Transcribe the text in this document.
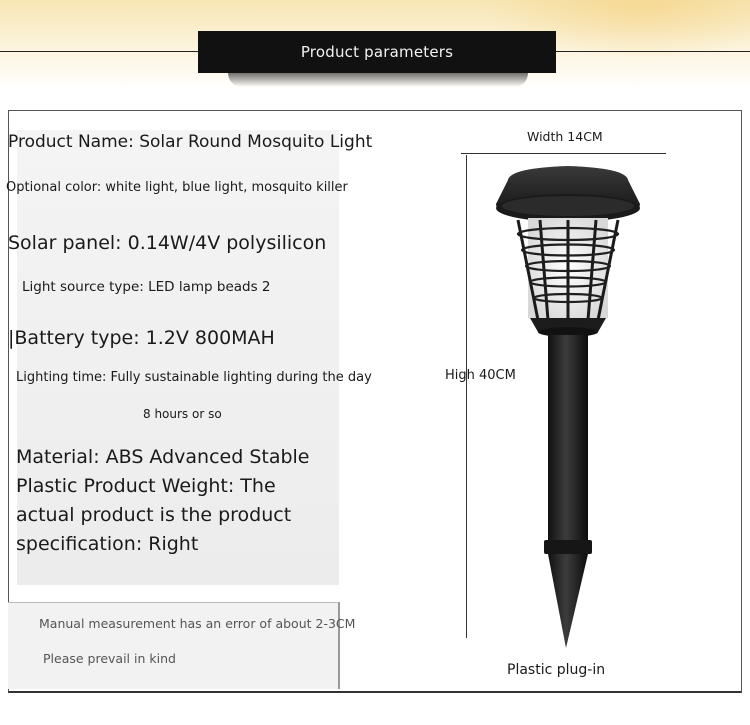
Product parameters
Product Name: Solar Round Mosquito Light
Optional color: white light, blue light, mosquito killer
Solar panel: 0.14W/4V polysilicon
Light source type: LED lamp beads 2
|Battery type: 1.2V 800MAH
Lighting time: Fully sustainable lighting during the day
8 hours or so
Material: ABS Advanced Stable Plastic Product Weight: The actual product is the product specification: Right
Manual measurement has an error of about 2-3CM
Please prevail in kind
Width 14CM
High 40CM
Plastic plug-in
